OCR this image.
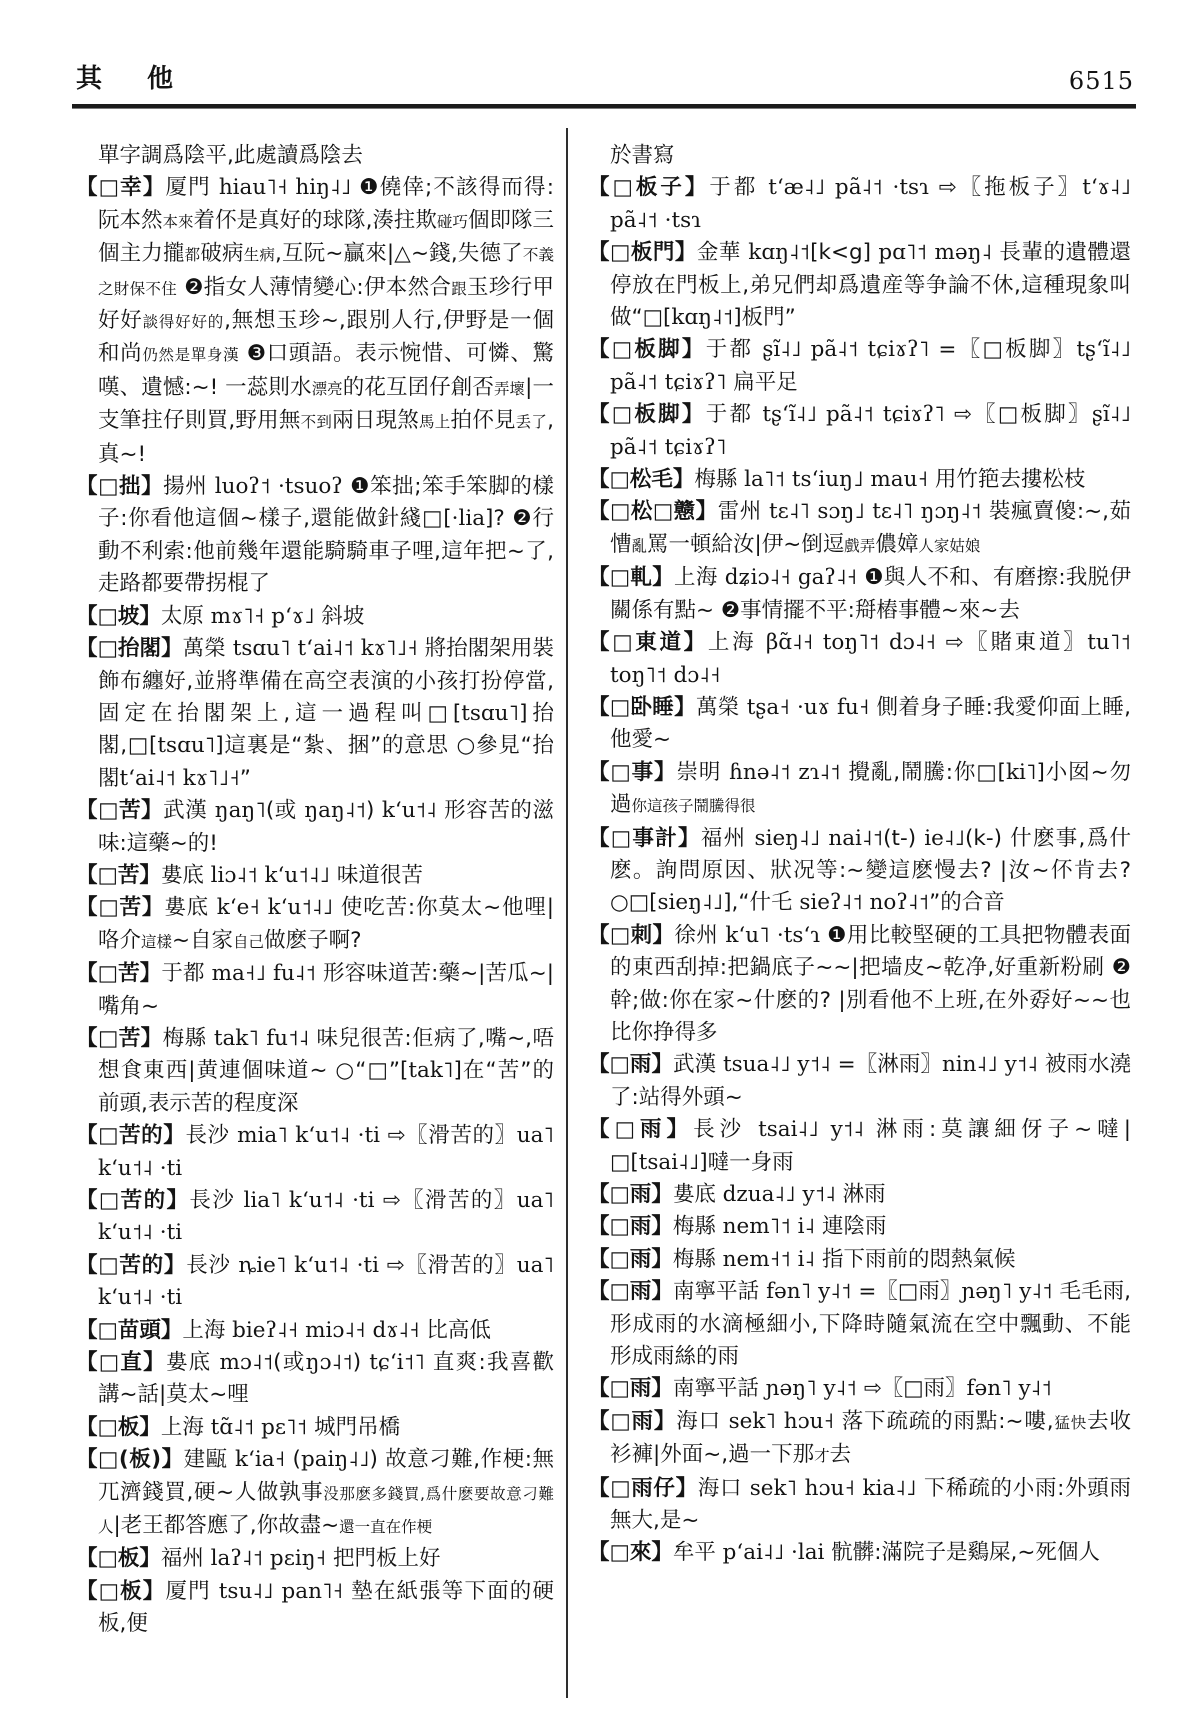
其 他	6515
單字調爲陰平,此處讀爲陰去
【□幸】厦門 hiau˥˧ hiŋ˨˩ ❶僥倖;不該得而得:阮本然本來着伓是真好的球隊,湊拄欺碰巧個即隊三個主力攏都破病生病,互阮~贏來|△~錢,失德了不義之財保不住 ❷指女人薄情變心:伊本然合跟玉珍行甲好好談得好好的,無想玉珍~,跟別人行,伊野是一個和尚仍然是單身漢 ❸口頭語。表示惋惜、可憐、驚嘆、遺憾:~! 一蕊則水漂亮的花互囝仔創否弄壞|一支筆拄仔則買,野用無不到兩日現煞馬上拍伓見丢了,真~!
【□拙】揚州 luoʔ˦ ·tsuoʔ ❶笨拙;笨手笨脚的樣子:你看他這個~樣子,還能做針綫□[·lia]? ❷行動不利索:他前幾年還能騎騎車子哩,這年把~了,走路都要帶拐棍了
【□坡】太原 mɤ˥˧ pʻɤ˩ 斜坡
【□抬閣】萬榮 tsɑu˥ tʻai˨˦ kɤ˥˩˧ 將抬閣架用裝飾布纏好,並將準備在高空表演的小孩打扮停當,固定在抬閣架上,這一過程叫□[tsɑu˥]抬閣,□[tsɑu˥]這裏是“紮、捆”的意思 ○參見“抬閣tʻai˨˦ kɤ˥˩˧”
【□苦】武漢 ŋaŋ˥(或 ŋaŋ˨˦) kʻu˦˨ 形容苦的滋味:這藥~的!
【□苦】婁底 liɔ˨˦ kʻu˦˨˩ 味道很苦
【□苦】婁底 kʻe˧ kʻu˦˨˩ 使吃苦:你莫太~他哩|咯介這樣~自家自己做麽子啊?
【□苦】于都 ma˧˩ fu˨˦ 形容味道苦:藥~|苦瓜~|嘴角~
【□苦】梅縣 tak˥ fu˦˨ 味兒很苦:佢病了,嘴~,唔想食東西|黄連個味道~ ○“□”[tak˥]在“苦”的前頭,表示苦的程度深
【□苦的】長沙 mia˥ kʻu˦˨ ·ti ⇨〖滑苦的〗ua˥ kʻu˦˨ ·ti
【□苦的】長沙 lia˥ kʻu˦˨ ·ti ⇨〖滑苦的〗ua˥ kʻu˦˨ ·ti
【□苦的】長沙 ȵie˥ kʻu˦˨ ·ti ⇨〖滑苦的〗ua˥ kʻu˦˨ ·ti
【□苗頭】上海 bieʔ˨˧ miɔ˨˧ dɤ˨˧ 比高低
【□直】婁底 mɔ˨˦(或ŋɔ˨˦) tɕʻi˦˥ 直爽:我喜歡講~話|莫太~哩
【□板】上海 tɑ̃˨˦ pɛ˥˦ 城門吊橋
【□(板)】建甌 kʻia˧ (paiŋ˨˩) 故意刁難,作梗:無兀濟錢買,硬~人做孰事没那麽多錢買,爲什麽要故意刁難人|老王都答應了,你故盡~還一直在作梗
【□板】福州 laʔ˨˦ pɛiŋ˧ 把門板上好
【□板】厦門 tsu˨˩ pan˥˧ 墊在紙張等下面的硬板,便
於書寫
【□板子】于都 tʻæ˨˩ pã˨˦ ·tsɿ ⇨〖拖板子〗tʻɤ˨˩ pã˨˦ ·tsɿ
【□板門】金華 kɑŋ˨˦[k<g] pɑ˥˦ məŋ˨ 長輩的遺體還停放在門板上,弟兄們却爲遺産等争論不休,這種現象叫做“□[kɑŋ˨˦]板門”
【□板脚】于都 ʂĩ˨˩ pã˨˦ tɕiɤʔ˥ =〖□板脚〗tʂʻĩ˨˩ pã˨˦ tɕiɤʔ˥ 扁平足
【□板脚】于都 tʂʻĩ˨˩ pã˨˦ tɕiɤʔ˥ ⇨〖□板脚〗ʂĩ˨˩ pã˨˦ tɕiɤʔ˥
【□松毛】梅縣 la˥˦ tsʻiuŋ˩ mau˧ 用竹筢去摟松枝
【□松□戆】雷州 tɛ˨˥ sɔŋ˩ tɛ˨˥ ŋɔŋ˨˦ 裝瘋賣傻:~,茹慒亂罵一頓給汝|伊~倒逗戲弄儂嫜人家姑娘
【□軋】上海 dʑiɔ˨˧ gaʔ˨˧ ❶與人不和、有磨擦:我脱伊關係有點~ ❷事情擺不平:搿樁事體~來~去
【□東道】上海 βɑ̃˨˧ toŋ˥˦ dɔ˨˧ ⇨〖賭東道〗tu˥˦ toŋ˥˦ dɔ˨˧
【□卧睡】萬榮 tʂa˧ ·uɤ fu˧ 側着身子睡:我愛仰面上睡,他愛~
【□事】崇明 ɦnə˨˦ zɿ˨˦ 攪亂,鬧騰:你□[ki˥]小囡~勿過你這孩子鬧騰得很
【□事計】福州 sieŋ˨˩ nai˨˦(t-) ie˨˩(k-) 什麽事,爲什麽。詢問原因、狀况等:~變這麽慢去? |汝~伓肯去? ○□[sieŋ˨˩],“什乇 sieʔ˨˦ noʔ˨˦”的合音
【□刺】徐州 kʻu˥ ·tsʻɿ ❶用比較堅硬的工具把物體表面的東西刮掉:把鍋底子~~|把墙皮~乾净,好重新粉刷 ❷幹;做:你在家~什麽的? |別看他不上班,在外孬好~~也比你挣得多
【□雨】武漢 tsua˨˩ y˦˨ =〖淋雨〗nin˨˩ y˦˨ 被雨水澆了:站得外頭~
【□雨】長沙 tsai˨˩ y˦˨ 淋雨:莫讓細伢子~噠|□[tsai˨˩]噠一身雨
【□雨】婁底 dzua˨˩ y˦˨ 淋雨
【□雨】梅縣 nem˥˦ i˨ 連陰雨
【□雨】梅縣 nem˧˦ i˨ 指下雨前的悶熱氣候
【□雨】南寧平話 fən˥ y˨˦ =〖□雨〗ɲəŋ˥ y˨˦ 毛毛雨,形成雨的水滴極細小,下降時隨氣流在空中飄動、不能形成雨絲的雨
【□雨】南寧平話 ɲəŋ˥ y˨˦ ⇨〖□雨〗fən˥ y˨˦
【□雨】海口 sek˥ hɔu˧ 落下疏疏的雨點:~嘍,猛快去收衫褲|外面~,過一下那才去
【□雨仔】海口 sek˥ hɔu˧ kia˨˩ 下稀疏的小雨:外頭雨無大,是~
【□來】牟平 pʻai˨˩ ·lai 骯髒:滿院子是鷄屎,~死個人
